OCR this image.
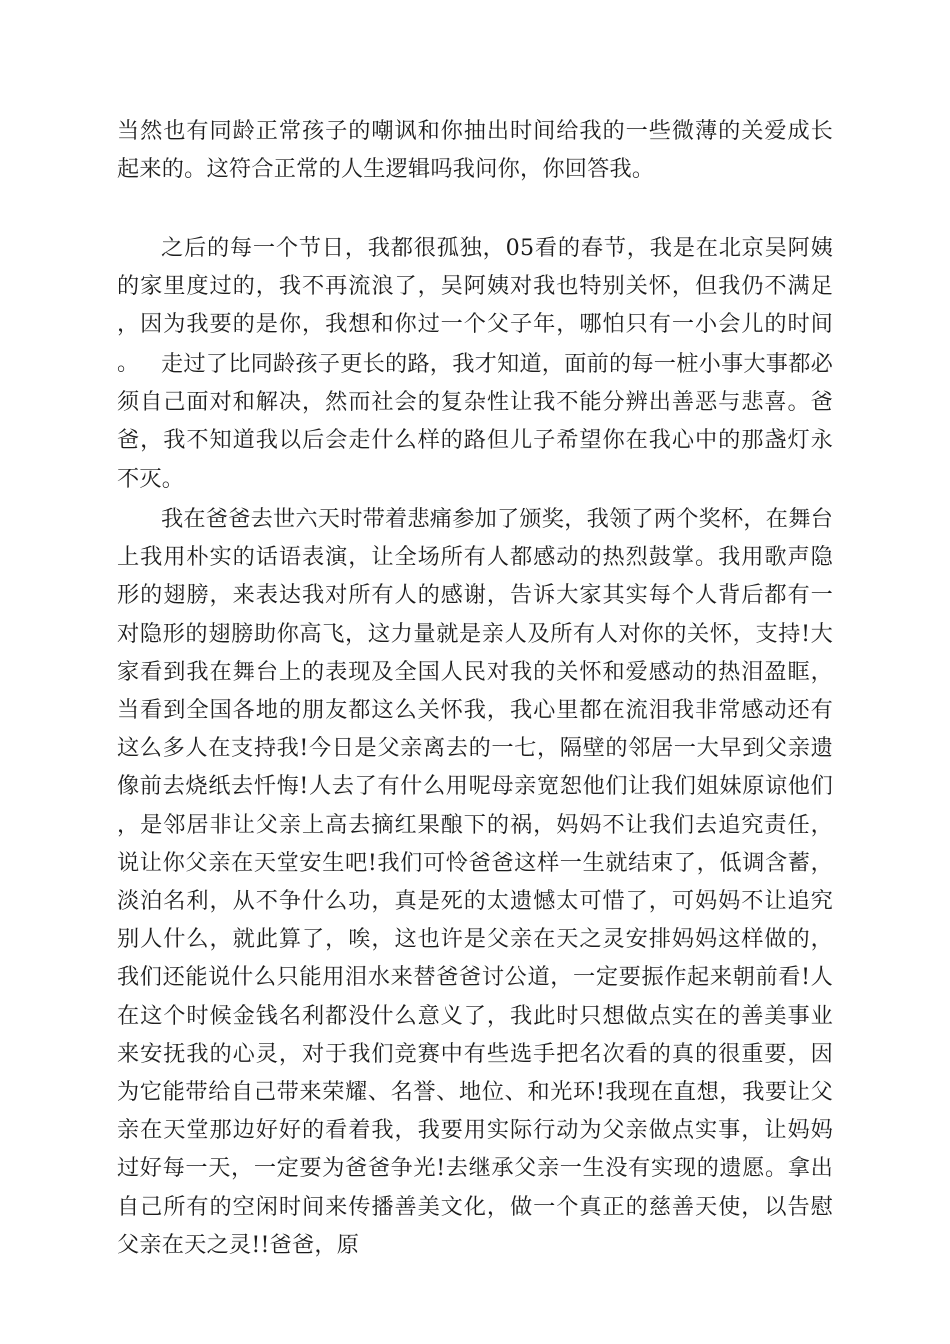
当然也有同龄正常孩子的嘲讽和你抽出时间给我的一些微薄的关爱成长起来的。这符合正常的人生逻辑吗我问你，你回答我。

之后的每一个节日，我都很孤独，05看的春节，我是在北京吴阿姨的家里度过的，我不再流浪了，吴阿姨对我也特别关怀，但我仍不满足，因为我要的是你，我想和你过一个父子年，哪怕只有一小会儿的时间。 走过了比同龄孩子更长的路，我才知道，面前的每一桩小事大事都必须自己面对和解决，然而社会的复杂性让我不能分辨出善恶与悲喜。爸爸，我不知道我以后会走什么样的路但儿子希望你在我心中的那盏灯永不灭。

我在爸爸去世六天时带着悲痛参加了颁奖，我领了两个奖杯，在舞台上我用朴实的话语表演，让全场所有人都感动的热烈鼓掌。我用歌声隐形的翅膀，来表达我对所有人的感谢，告诉大家其实每个人背后都有一对隐形的翅膀助你高飞，这力量就是亲人及所有人对你的关怀，支持!大家看到我在舞台上的表现及全国人民对我的关怀和爱感动的热泪盈眶，当看到全国各地的朋友都这么关怀我，我心里都在流泪我非常感动还有这么多人在支持我!今日是父亲离去的一七，隔壁的邻居一大早到父亲遗像前去烧纸去忏悔!人去了有什么用呢母亲宽恕他们让我们姐妹原谅他们，是邻居非让父亲上高去摘红果酿下的祸，妈妈不让我们去追究责任，说让你父亲在天堂安生吧!我们可怜爸爸这样一生就结束了，低调含蓄，淡泊名利，从不争什么功，真是死的太遗憾太可惜了，可妈妈不让追究别人什么，就此算了，唉，这也许是父亲在天之灵安排妈妈这样做的，我们还能说什么只能用泪水来替爸爸讨公道，一定要振作起来朝前看!人在这个时候金钱名利都没什么意义了，我此时只想做点实在的善美事业来安抚我的心灵，对于我们竞赛中有些选手把名次看的真的很重要，因为它能带给自己带来荣耀、名誉、地位、和光环!我现在直想，我要让父亲在天堂那边好好的看着我，我要用实际行动为父亲做点实事，让妈妈过好每一天，一定要为爸爸争光!去继承父亲一生没有实现的遗愿。拿出自己所有的空闲时间来传播善美文化，做一个真正的慈善天使，以告慰父亲在天之灵!!爸爸，原
